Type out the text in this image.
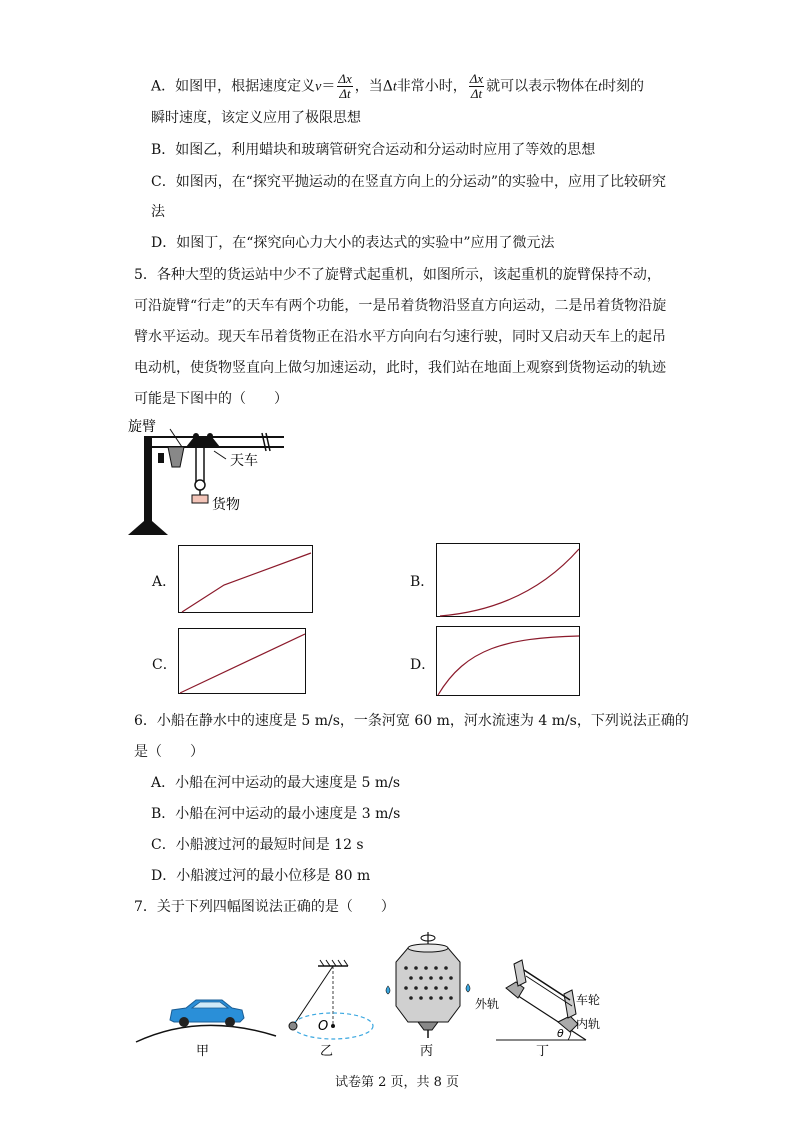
A．如图甲，根据速度定义$v= \frac{\Delta x}{\Delta t}$ ，当Δt非常小时， $\frac{\Delta x}{\Delta t}$ 就可以表示物体在t时刻的
瞬时速度，该定义应用了极限思想
B．如图乙，利用蜡块和玻璃管研究合运动和分运动时应用了等效的思想
C．如图丙，在“探究平抛运动的在竖直方向上的分运动”的实验中，应用了比较研究
法
D．如图丁，在“探究向心力大小的表达式的实验中”应用了微元法
5．各种大型的货运站中少不了旋臂式起重机，如图所示，该起重机的旋臂保持不动，
可沿旋臂“行走”的天车有两个功能，一是吊着货物沿竖直方向运动，二是吊着货物沿旋
臂水平运动。现天车吊着货物正在沿水平方向向右匀速行驶，同时又启动天车上的起吊
电动机，使货物竖直向上做匀加速运动，此时，我们站在地面上观察到货物运动的轨迹
可能是下图中的（　　）
旋臂
天车
货物
A．	B．
C．	D．
6．小船在静水中的速度是 5 m/s，一条河宽 60 m，河水流速为 4 m/s，下列说法正确的
是（　　）
A．小船在河中运动的最大速度是 5 m/s
B．小船在河中运动的最小速度是 3 m/s
C．小船渡过河的最短时间是 12 s
D．小船渡过河的最小位移是 80 m
7．关于下列四幅图说法正确的是（　　）
甲
O
乙	丙
θ
外轨	车轮
内轨
丁
试卷第 2 页，共 8 页
